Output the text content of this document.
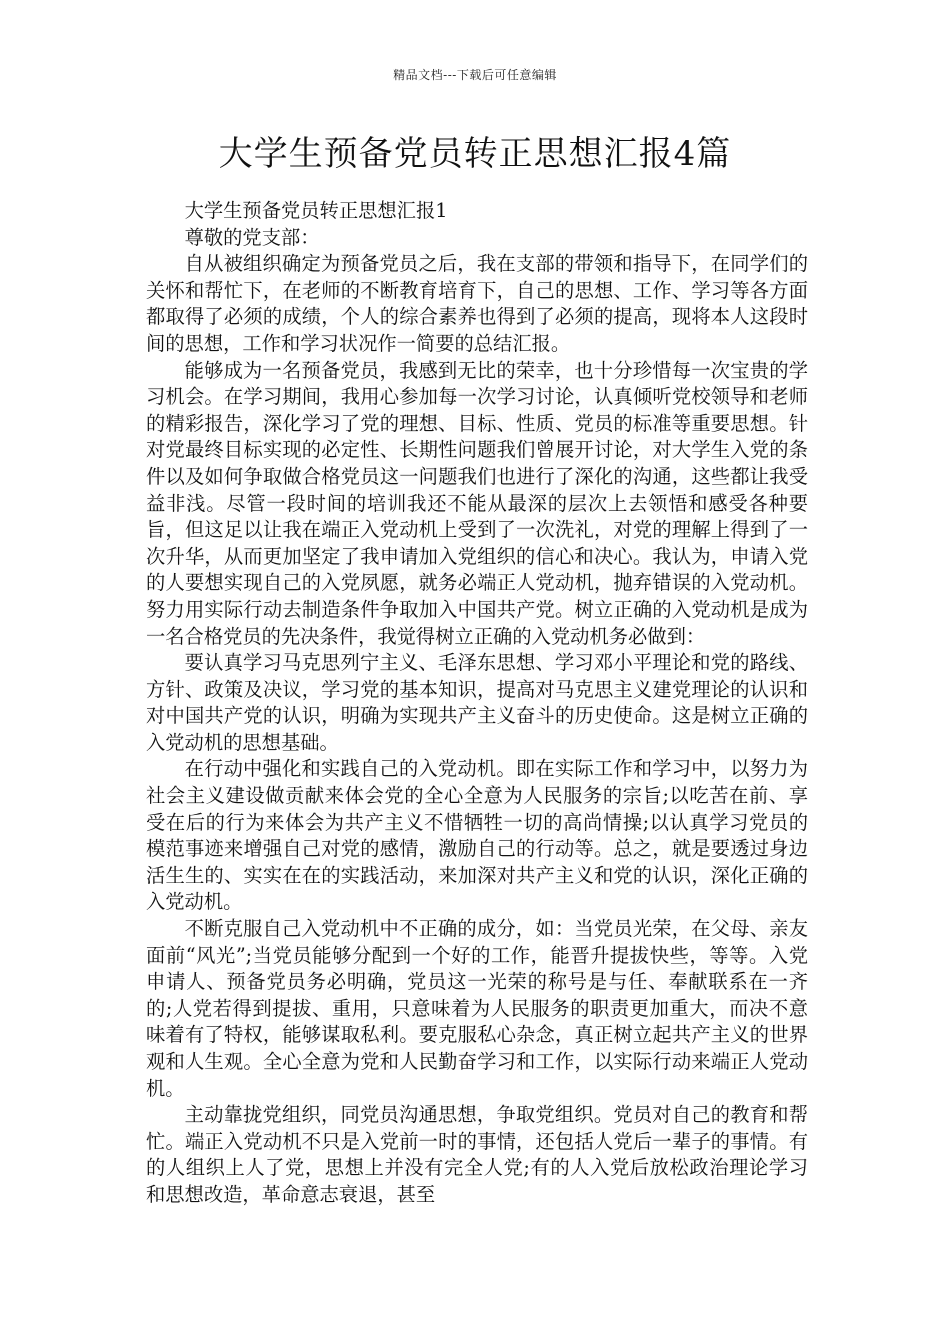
精品文档---下载后可任意编辑
大学生预备党员转正思想汇报4篇

大学生预备党员转正思想汇报1

尊敬的党支部：

自从被组织确定为预备党员之后，我在支部的带领和指导下，在同学们的关怀和帮忙下，在老师的不断教育培育下，自己的思想、工作、学习等各方面都取得了必须的成绩，个人的综合素养也得到了必须的提高，现将本人这段时间的思想，工作和学习状况作一简要的总结汇报。

能够成为一名预备党员，我感到无比的荣幸，也十分珍惜每一次宝贵的学习机会。在学习期间，我用心参加每一次学习讨论，认真倾听党校领导和老师的精彩报告，深化学习了党的理想、目标、性质、党员的标准等重要思想。针对党最终目标实现的必定性、长期性问题我们曾展开讨论，对大学生入党的条件以及如何争取做合格党员这一问题我们也进行了深化的沟通，这些都让我受益非浅。尽管一段时间的培训我还不能从最深的层次上去领悟和感受各种要旨，但这足以让我在端正入党动机上受到了一次洗礼，对党的理解上得到了一次升华，从而更加坚定了我申请加入党组织的信心和决心。我认为，申请入党的人要想实现自己的入党夙愿，就务必端正人党动机，抛弃错误的入党动机。努力用实际行动去制造条件争取加入中国共产党。树立正确的入党动机是成为一名合格党员的先决条件，我觉得树立正确的入党动机务必做到：

要认真学习马克思列宁主义、毛泽东思想、学习邓小平理论和党的路线、方针、政策及决议，学习党的基本知识，提高对马克思主义建党理论的认识和对中国共产党的认识，明确为实现共产主义奋斗的历史使命。这是树立正确的入党动机的思想基础。

在行动中强化和实践自己的入党动机。即在实际工作和学习中，以努力为社会主义建设做贡献来体会党的全心全意为人民服务的宗旨;以吃苦在前、享受在后的行为来体会为共产主义不惜牺牲一切的高尚情操;以认真学习党员的模范事迹来增强自己对党的感情，激励自己的行动等。总之，就是要透过身边活生生的、实实在在的实践活动，来加深对共产主义和党的认识，深化正确的入党动机。

不断克服自己入党动机中不正确的成分，如：当党员光荣，在父母、亲友面前“风光”;当党员能够分配到一个好的工作，能晋升提拔快些，等等。入党申请人、预备党员务必明确，党员这一光荣的称号是与任、奉献联系在一齐的;人党若得到提拔、重用，只意味着为人民服务的职责更加重大，而决不意味着有了特权，能够谋取私利。要克服私心杂念，真正树立起共产主义的世界观和人生观。全心全意为党和人民勤奋学习和工作，以实际行动来端正人党动机。

主动靠拢党组织，同党员沟通思想，争取党组织。党员对自己的教育和帮忙。端正入党动机不只是入党前一时的事情，还包括人党后一辈子的事情。有的人组织上人了党，思想上并没有完全人党;有的人入党后放松政治理论学习和思想改造，革命意志衰退，甚至
